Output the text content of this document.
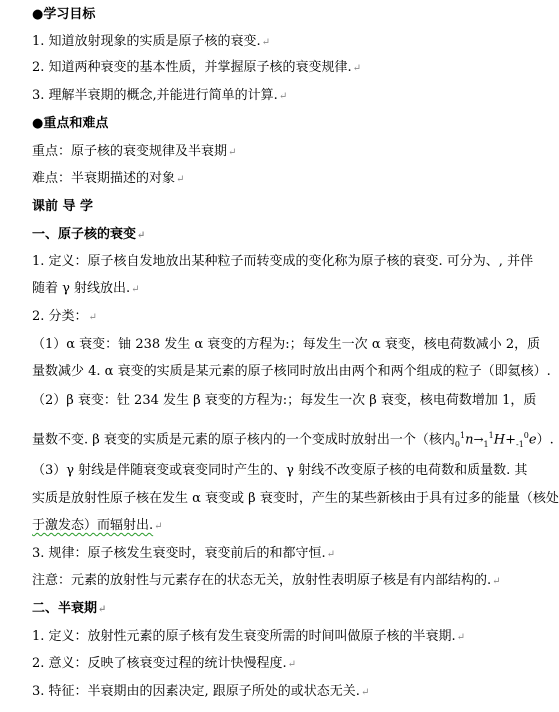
●学习目标
1. 知道放射现象的实质是原子核的衰变.↵
2. 知道两种衰变的基本性质，并掌握原子核的衰变规律.↵
3. 理解半衰期的概念,并能进行简单的计算.↵
●重点和难点
重点：原子核的衰变规律及半衰期↵
难点：半衰期描述的对象↵
课前 导 学
一、原子核的衰变↵
1. 定义：原子核自发地放出某种粒子而转变成的变化称为原子核的衰变. 可分为、, 并伴
随着 γ 射线放出.↵
2. 分类：↵
（1）α 衰变：铀 238 发生 α 衰变的方程为:；每发生一次 α 衰变，核电荷数减小 2，质
量数减少 4. α 衰变的实质是某元素的原子核同时放出由两个和两个组成的粒子（即氦核）.
（2）β 衰变：钍 234 发生 β 衰变的方程为:；每发生一次 β 衰变，核电荷数增加 1，质
量数不变. β 衰变的实质是元素的原子核内的一个变成时放射出一个（核内$_0^1n\to_1^1H+_{-1}^0e$）.
（3）γ 射线是伴随衰变或衰变同时产生的、γ 射线不改变原子核的电荷数和质量数. 其
实质是放射性原子核在发生 α 衰变或 β 衰变时，产生的某些新核由于具有过多的能量（核处
于激发态）而辐射出.↵
3. 规律：原子核发生衰变时，衰变前后的和都守恒.↵
注意：元素的放射性与元素存在的状态无关，放射性表明原子核是有内部结构的.↵
二、半衰期↵
1. 定义：放射性元素的原子核有发生衰变所需的时间叫做原子核的半衰期.↵
2. 意义：反映了核衰变过程的统计快慢程度.↵
3. 特征：半衰期由的因素决定, 跟原子所处的或状态无关.↵
